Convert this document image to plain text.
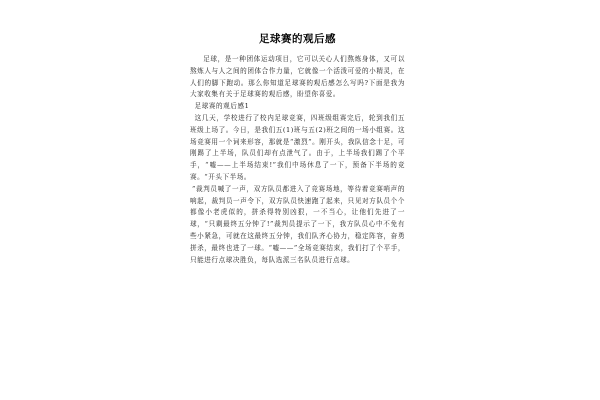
足球赛的观后感

足球，是一种团体运动项目，它可以关心人们熬炼身体，又可以熬炼人与人之间的团体合作力量，它就像一个活泼可爱的小精灵，在人们的脚下跑动。那么你知道足球赛的观后感怎么写吗?下面是我为大家收集有关于足球赛的观后感，盼望你喜爱。

足球赛的观后感1

这几天，学校进行了校内足球竞赛，四班级组赛完后，轮到我们五班级上场了。今日，是我们五(1)班与五(2)班之间的一场小组赛。这场竞赛用一个词来形容，那就是“激烈”。刚开头，我队信念十足，可刚踢了上半场，队员们却有点泄气了。由于，上半场我们踢了个平手，“嘘——上半场结束!”我们中场休息了一下，预备下半场的竞赛。“开头下半场。

”裁判员喊了一声，双方队员都进入了竞赛场地，等待着竞赛哨声的响起，裁判员一声令下，双方队员快速跑了起来，只见对方队员个个都像小老虎似的，拼杀得特别凶狠，一不当心，让他们先进了一球，“只剩最终五分钟了!”裁判员提示了一下，我方队员心中不免有些小紧急，可就在这最终五分钟，我们队齐心协力，稳定阵容，奋勇拼杀，最终也进了一球。“嘘——”全场竞赛结束，我们打了个平手，只能进行点球决胜负，每队选派三名队员进行点球。
